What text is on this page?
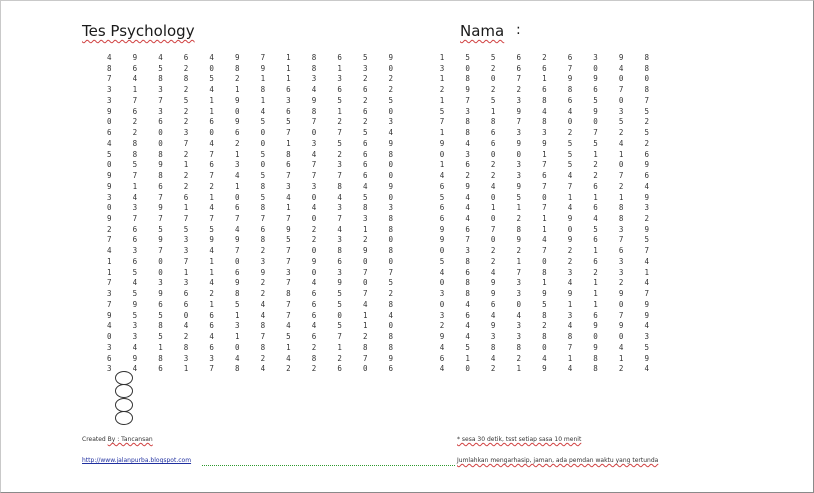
Tes Psychology	Nama :
4	9	4	6	4	9	7	1	8	6	5	9	1	5	5	6	2	6	3	9	8
8	6	5	2	0	8	9	1	8	1	3	0	3	0	2	6	6	7	0	4	8
7	4	8	8	5	2	1	1	3	3	2	2	1	8	0	7	1	9	9	0	0
3	1	3	2	4	1	8	6	4	6	6	2	2	9	2	2	6	8	6	7	8
3	7	7	5	1	9	1	3	9	5	2	5	1	7	5	3	8	6	5	0	7
9	6	3	2	1	0	4	6	8	1	6	0	5	3	1	9	4	4	9	3	5
0	2	6	2	6	9	5	5	7	2	2	3	7	8	8	7	8	0	0	5	2
6	2	0	3	0	6	0	7	0	7	5	4	1	8	6	3	3	2	7	2	5
4	8	0	7	4	2	0	1	3	5	6	9	9	4	6	9	9	5	5	4	2
5	8	8	2	7	1	5	8	4	2	6	8	0	3	0	0	1	5	1	1	6
0	5	9	1	6	3	0	6	7	3	6	0	1	6	2	3	7	5	2	0	9
9	7	8	2	7	4	5	7	7	7	6	0	4	2	2	3	6	4	2	7	6
9	1	6	2	2	1	8	3	3	8	4	9	6	9	4	9	7	7	6	2	4
3	4	7	6	1	0	5	4	0	4	5	0	5	4	0	5	0	1	1	1	9
0	3	9	1	4	6	8	1	4	3	8	3	6	4	1	1	7	4	6	8	3
9	7	7	7	7	7	7	7	0	7	3	8	6	4	0	2	1	9	4	8	2
2	6	5	5	5	4	6	9	2	4	1	8	9	6	7	8	1	0	5	3	9
7	6	9	3	9	9	8	5	2	3	2	0	9	7	0	9	4	9	6	7	5
4	3	7	3	4	7	2	7	0	8	9	8	0	3	2	2	7	2	1	6	7
1	6	0	7	1	0	3	7	9	6	0	0	5	8	2	1	0	2	6	3	4
1	5	0	1	1	6	9	3	0	3	7	7	4	6	4	7	8	3	2	3	1
7	4	3	3	4	9	2	7	4	9	0	5	0	8	9	3	1	4	1	2	4
3	5	9	6	2	8	2	8	6	5	7	2	3	8	9	3	9	9	1	9	7
7	9	6	6	1	5	4	7	6	5	4	8	0	4	6	0	5	1	1	0	9
9	5	5	0	6	1	4	7	6	0	1	4	3	6	4	4	8	3	6	7	9
4	3	8	4	6	3	8	4	4	5	1	0	2	4	9	3	2	4	9	9	4
0	3	5	2	4	1	7	5	6	7	2	8	9	4	3	3	8	8	0	0	3
3	4	1	8	6	0	8	1	2	1	8	8	4	5	8	8	0	7	9	4	5
6	9	8	3	3	4	2	4	8	2	7	9	6	1	4	2	4	1	8	1	9
3	4	6	1	7	8	4	2	2	6	0	6	4	0	2	1	9	4	8	2	4
Created By : Tancansan	* sesa 30 detik, tsst setiap sasa 10 menit
http://www.jalanpurba.blogspot.com	Jumlahkan mengarhasip, jaman, ada pemdan waktu yang tertunda
